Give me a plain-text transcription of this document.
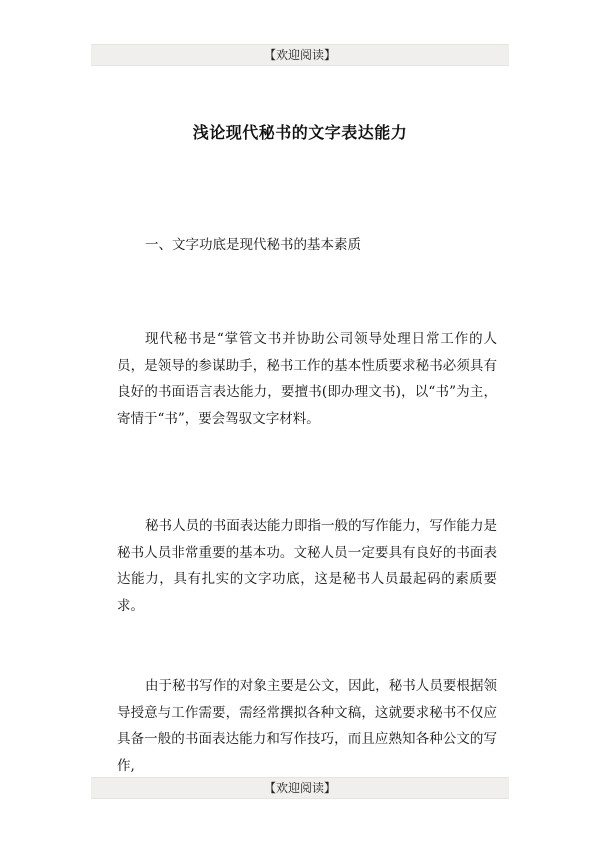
【欢迎阅读】
浅论现代秘书的文字表达能力
一、文字功底是现代秘书的基本素质

现代秘书是“掌管文书并协助公司领导处理日常工作的人员，是领导的参谋助手，秘书工作的基本性质要求秘书必须具有良好的书面语言表达能力，要擅书(即办理文书)，以“书”为主，寄情于“书”，要会驾驭文字材料。

秘书人员的书面表达能力即指一般的写作能力，写作能力是秘书人员非常重要的基本功。文秘人员一定要具有良好的书面表达能力，具有扎实的文字功底，这是秘书人员最起码的素质要求。

由于秘书写作的对象主要是公文，因此，秘书人员要根据领导授意与工作需要，需经常撰拟各种文稿，这就要求秘书不仅应具备一般的书面表达能力和写作技巧，而且应熟知各种公文的写作,

【欢迎阅读】
